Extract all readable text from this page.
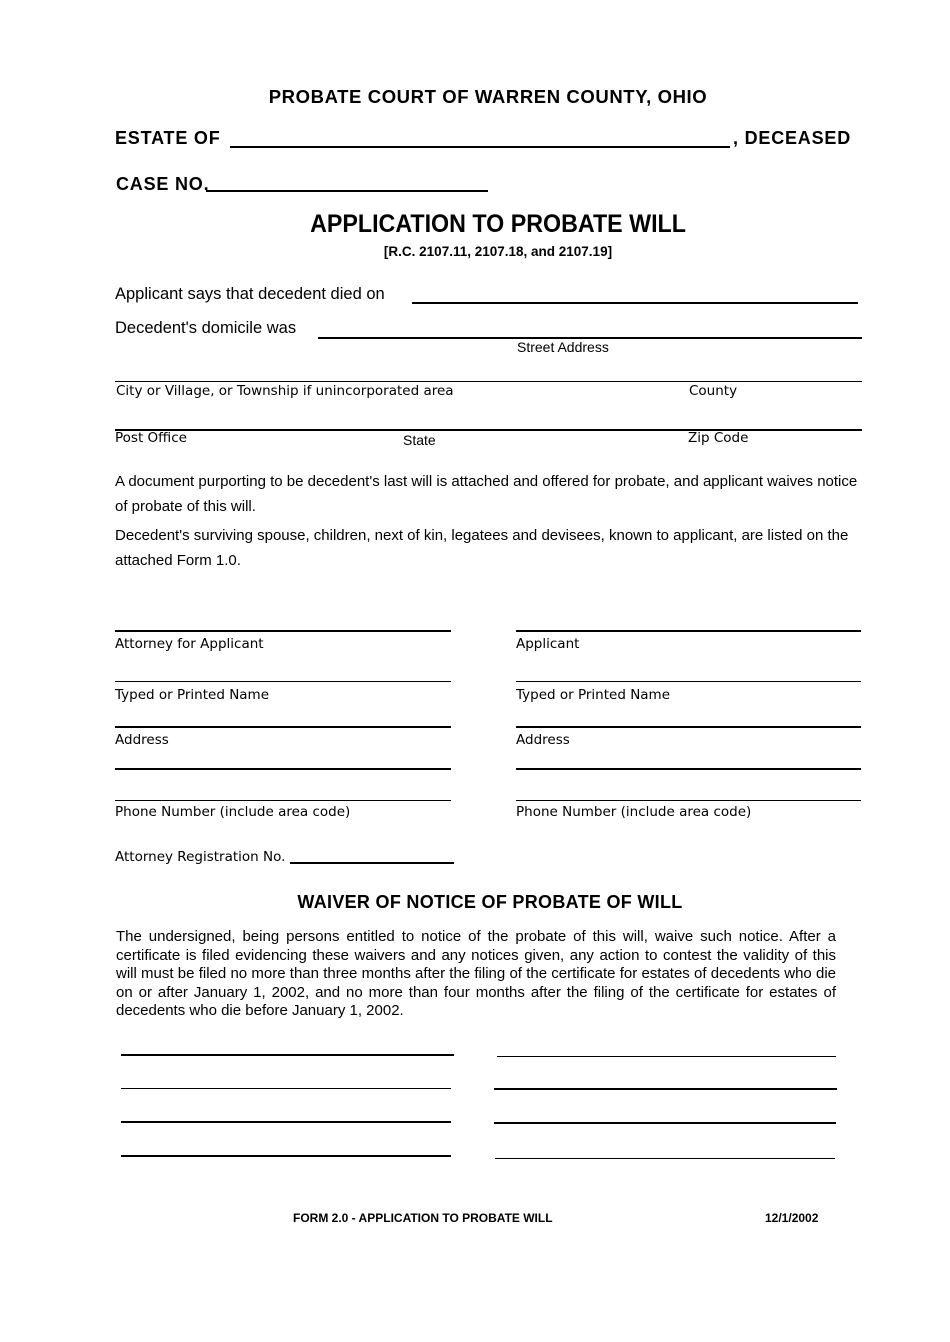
PROBATE COURT OF WARREN COUNTY, OHIO
ESTATE OF	, DECEASED
CASE NO.
APPLICATION TO PROBATE WILL
[R.C. 2107.11, 2107.18, and 2107.19]
Applicant says that decedent died on
Decedent's domicile was
Street Address
City or Village, or Township if unincorporated area	County
Post Office	State	Zip Code
A document purporting to be decedent's last will is attached and offered for probate, and applicant waives notice of probate of this will.
Decedent's surviving spouse, children, next of kin, legatees and devisees, known to applicant, are listed on the attached Form 1.0.
Attorney for Applicant
Typed or Printed Name
Address
Phone Number (include area code)
Attorney Registration No.
Applicant
Typed or Printed Name
Address
Phone Number (include area code)
WAIVER OF NOTICE OF PROBATE OF WILL
The undersigned, being persons entitled to notice of the probate of this will, waive such notice. After a certificate is filed evidencing these waivers and any notices given, any action to contest the validity of this will must be filed no more than three months after the filing of the certificate for estates of decedents who die on or after January 1, 2002, and no more than four months after the filing of the certificate for estates of decedents who die before January 1, 2002.
FORM 2.0 - APPLICATION TO PROBATE WILL	12/1/2002
